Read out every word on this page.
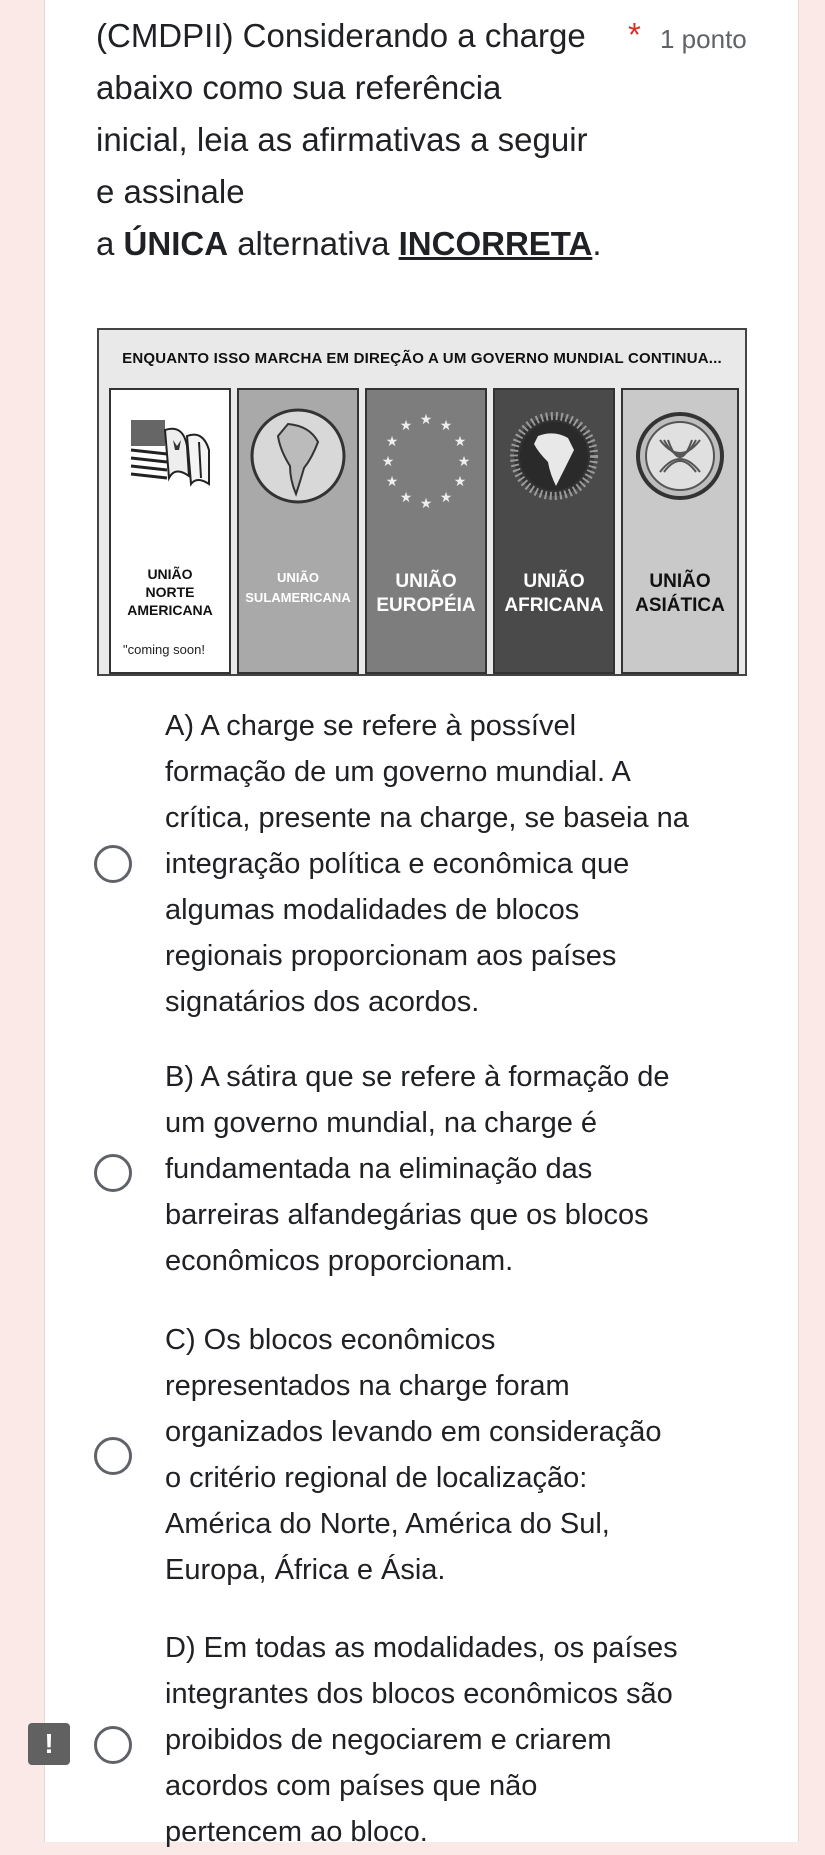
(CMDPII) Considerando a charge
abaixo como sua referência
inicial, leia as afirmativas a seguir
e assinale
a ÚNICA alternativa INCORRETA.
* 1 ponto
ENQUANTO ISSO MARCHA EM DIREÇÃO A UM GOVERNO MUNDIAL CONTINUA...
UNIÃO
NORTE
AMERICANA
"coming soon!
UNIÃO
SULAMERICANA
★ ★
★
★
★
★
★
★
★
★
★
★
UNIÃO
EUROPÉIA
UNIÃO
AFRICANA
UNIÃO
ASIÁTICA
A) A charge se refere à possível
formação de um governo mundial. A
crítica, presente na charge, se baseia na
integração política e econômica que
algumas modalidades de blocos
regionais proporcionam aos países
signatários dos acordos.
B) A sátira que se refere à formação de
um governo mundial, na charge é
fundamentada na eliminação das
barreiras alfandegárias que os blocos
econômicos proporcionam.
C) Os blocos econômicos
representados na charge foram
organizados levando em consideração
o critério regional de localização:
América do Norte, América do Sul,
Europa, África e Ásia.
D) Em todas as modalidades, os países
integrantes dos blocos econômicos são
proibidos de negociarem e criarem
acordos com países que não
pertencem ao bloco.
!
